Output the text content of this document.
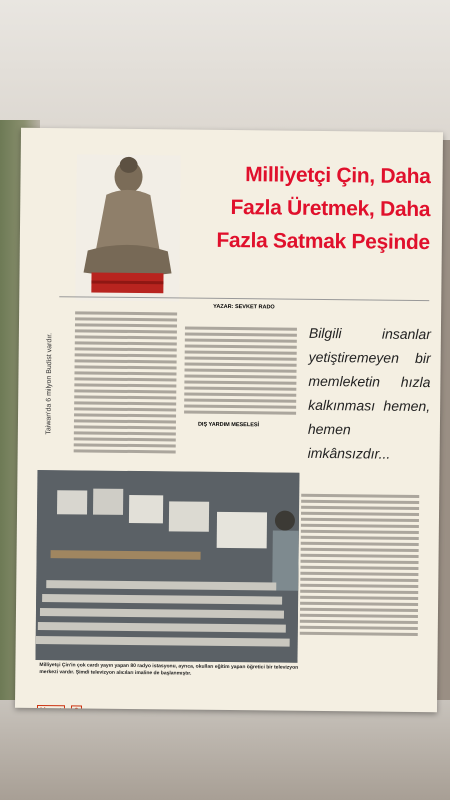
Taiwan'da 6 milyon Budist vardır.
Milliyetçi Çin, Daha
Fazla Üretmek, Daha
Fazla Satmak Peşinde
YAZAR: SEVKET RADO
DIŞ YARDIM MESELESİ
Bilgili insanlar yetiştiremeyen bir memleketin hızla kalkınması hemen, hemen imkânsızdır...
Milliyetçi Çin'in çok cardı yayın yapan 80 radyo istasyonu, ayrıca, okulları eğitim yapan öğretici bir televizyon merkezi vardır. Şimdi televizyon alıcıları imaline de başlanmıştır.
